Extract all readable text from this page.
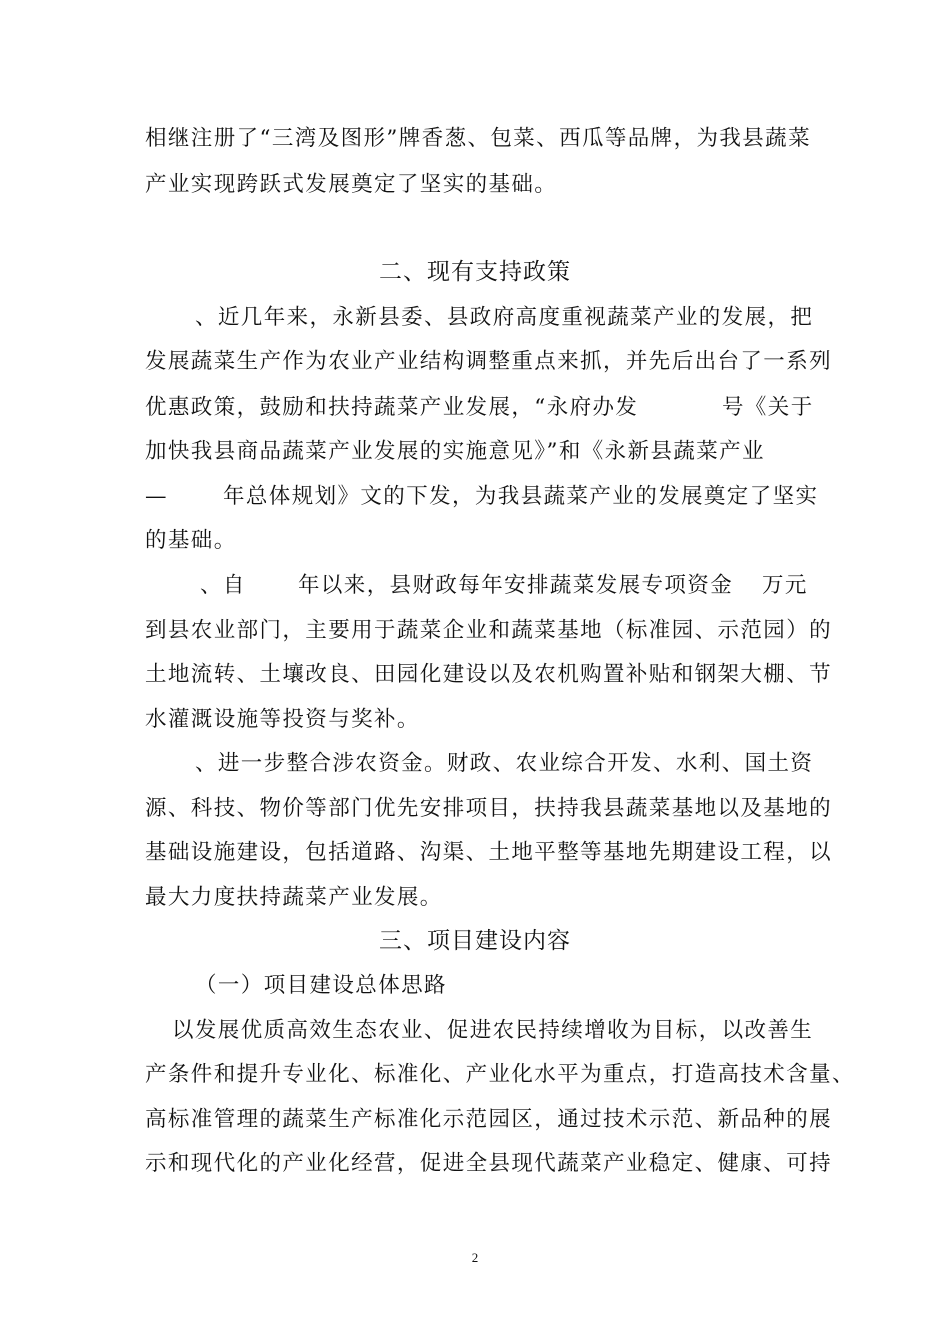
相继注册了“三湾及图形”牌香葱、包菜、西瓜等品牌，为我县蔬菜
产业实现跨跃式发展奠定了坚实的基础。
二、现有支持政策
、近几年来，永新县委、县政府高度重视蔬菜产业的发展，把
发展蔬菜生产作为农业产业结构调整重点来抓，并先后出台了一系列
优惠政策，鼓励和扶持蔬菜产业发展，“永府办发	号《关于
加快我县商品蔬菜产业发展的实施意见》”和《永新县蔬菜产业
—	年总体规划》文的下发，为我县蔬菜产业的发展奠定了坚实
的基础。
、自 年以来，县财政每年安排蔬菜发展专项资金 万元
到县农业部门，主要用于蔬菜企业和蔬菜基地（标准园、示范园）的
土地流转、土壤改良、田园化建设以及农机购置补贴和钢架大棚、节
水灌溉设施等投资与奖补。
、进一步整合涉农资金。财政、农业综合开发、水利、国土资
源、科技、物价等部门优先安排项目，扶持我县蔬菜基地以及基地的
基础设施建设，包括道路、沟渠、土地平整等基地先期建设工程，以
最大力度扶持蔬菜产业发展。
三、项目建设内容
（一）项目建设总体思路
以发展优质高效生态农业、促进农民持续增收为目标，以改善生
产条件和提升专业化、标准化、产业化水平为重点，打造高技术含量、
高标准管理的蔬菜生产标准化示范园区，通过技术示范、新品种的展
示和现代化的产业化经营，促进全县现代蔬菜产业稳定、健康、可持
2
